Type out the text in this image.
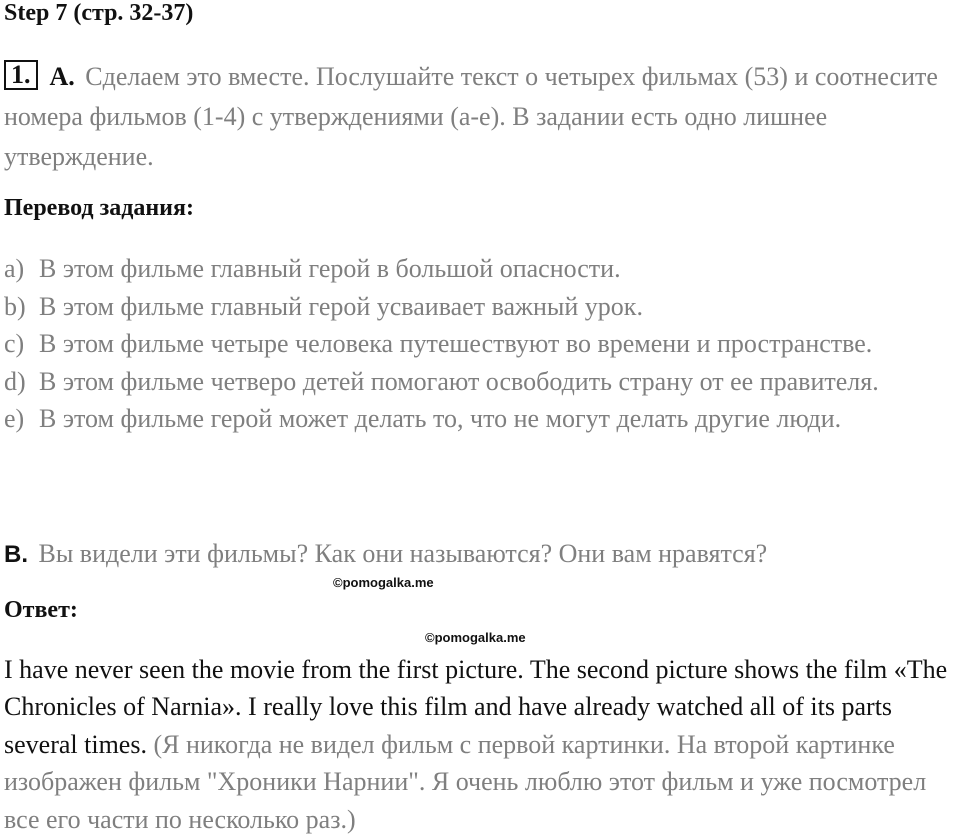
Step 7 (стр. 32-37)
1. A. Сделаем это вместе. Послушайте текст о четырех фильмах (53) и соотнесите номера фильмов (1-4) с утверждениями (a-e). В задании есть одно лишнее утверждение.
Перевод задания:
a) В этом фильме главный герой в большой опасности.
b) В этом фильме главный герой усваивает важный урок.
c) В этом фильме четыре человека путешествуют во времени и пространстве.
d) В этом фильме четверо детей помогают освободить страну от ее правителя.
e) В этом фильме герой может делать то, что не могут делать другие люди.
B. Вы видели эти фильмы? Как они называются? Они вам нравятся?
©pomogalka.me
Ответ:
©pomogalka.me
I have never seen the movie from the first picture. The second picture shows the film «The Chronicles of Narnia». I really love this film and have already watched all of its parts several times. (Я никогда не видел фильм с первой картинки. На второй картинке изображен фильм "Хроники Нарнии". Я очень люблю этот фильм и уже посмотрел все его части по несколько раз.)
